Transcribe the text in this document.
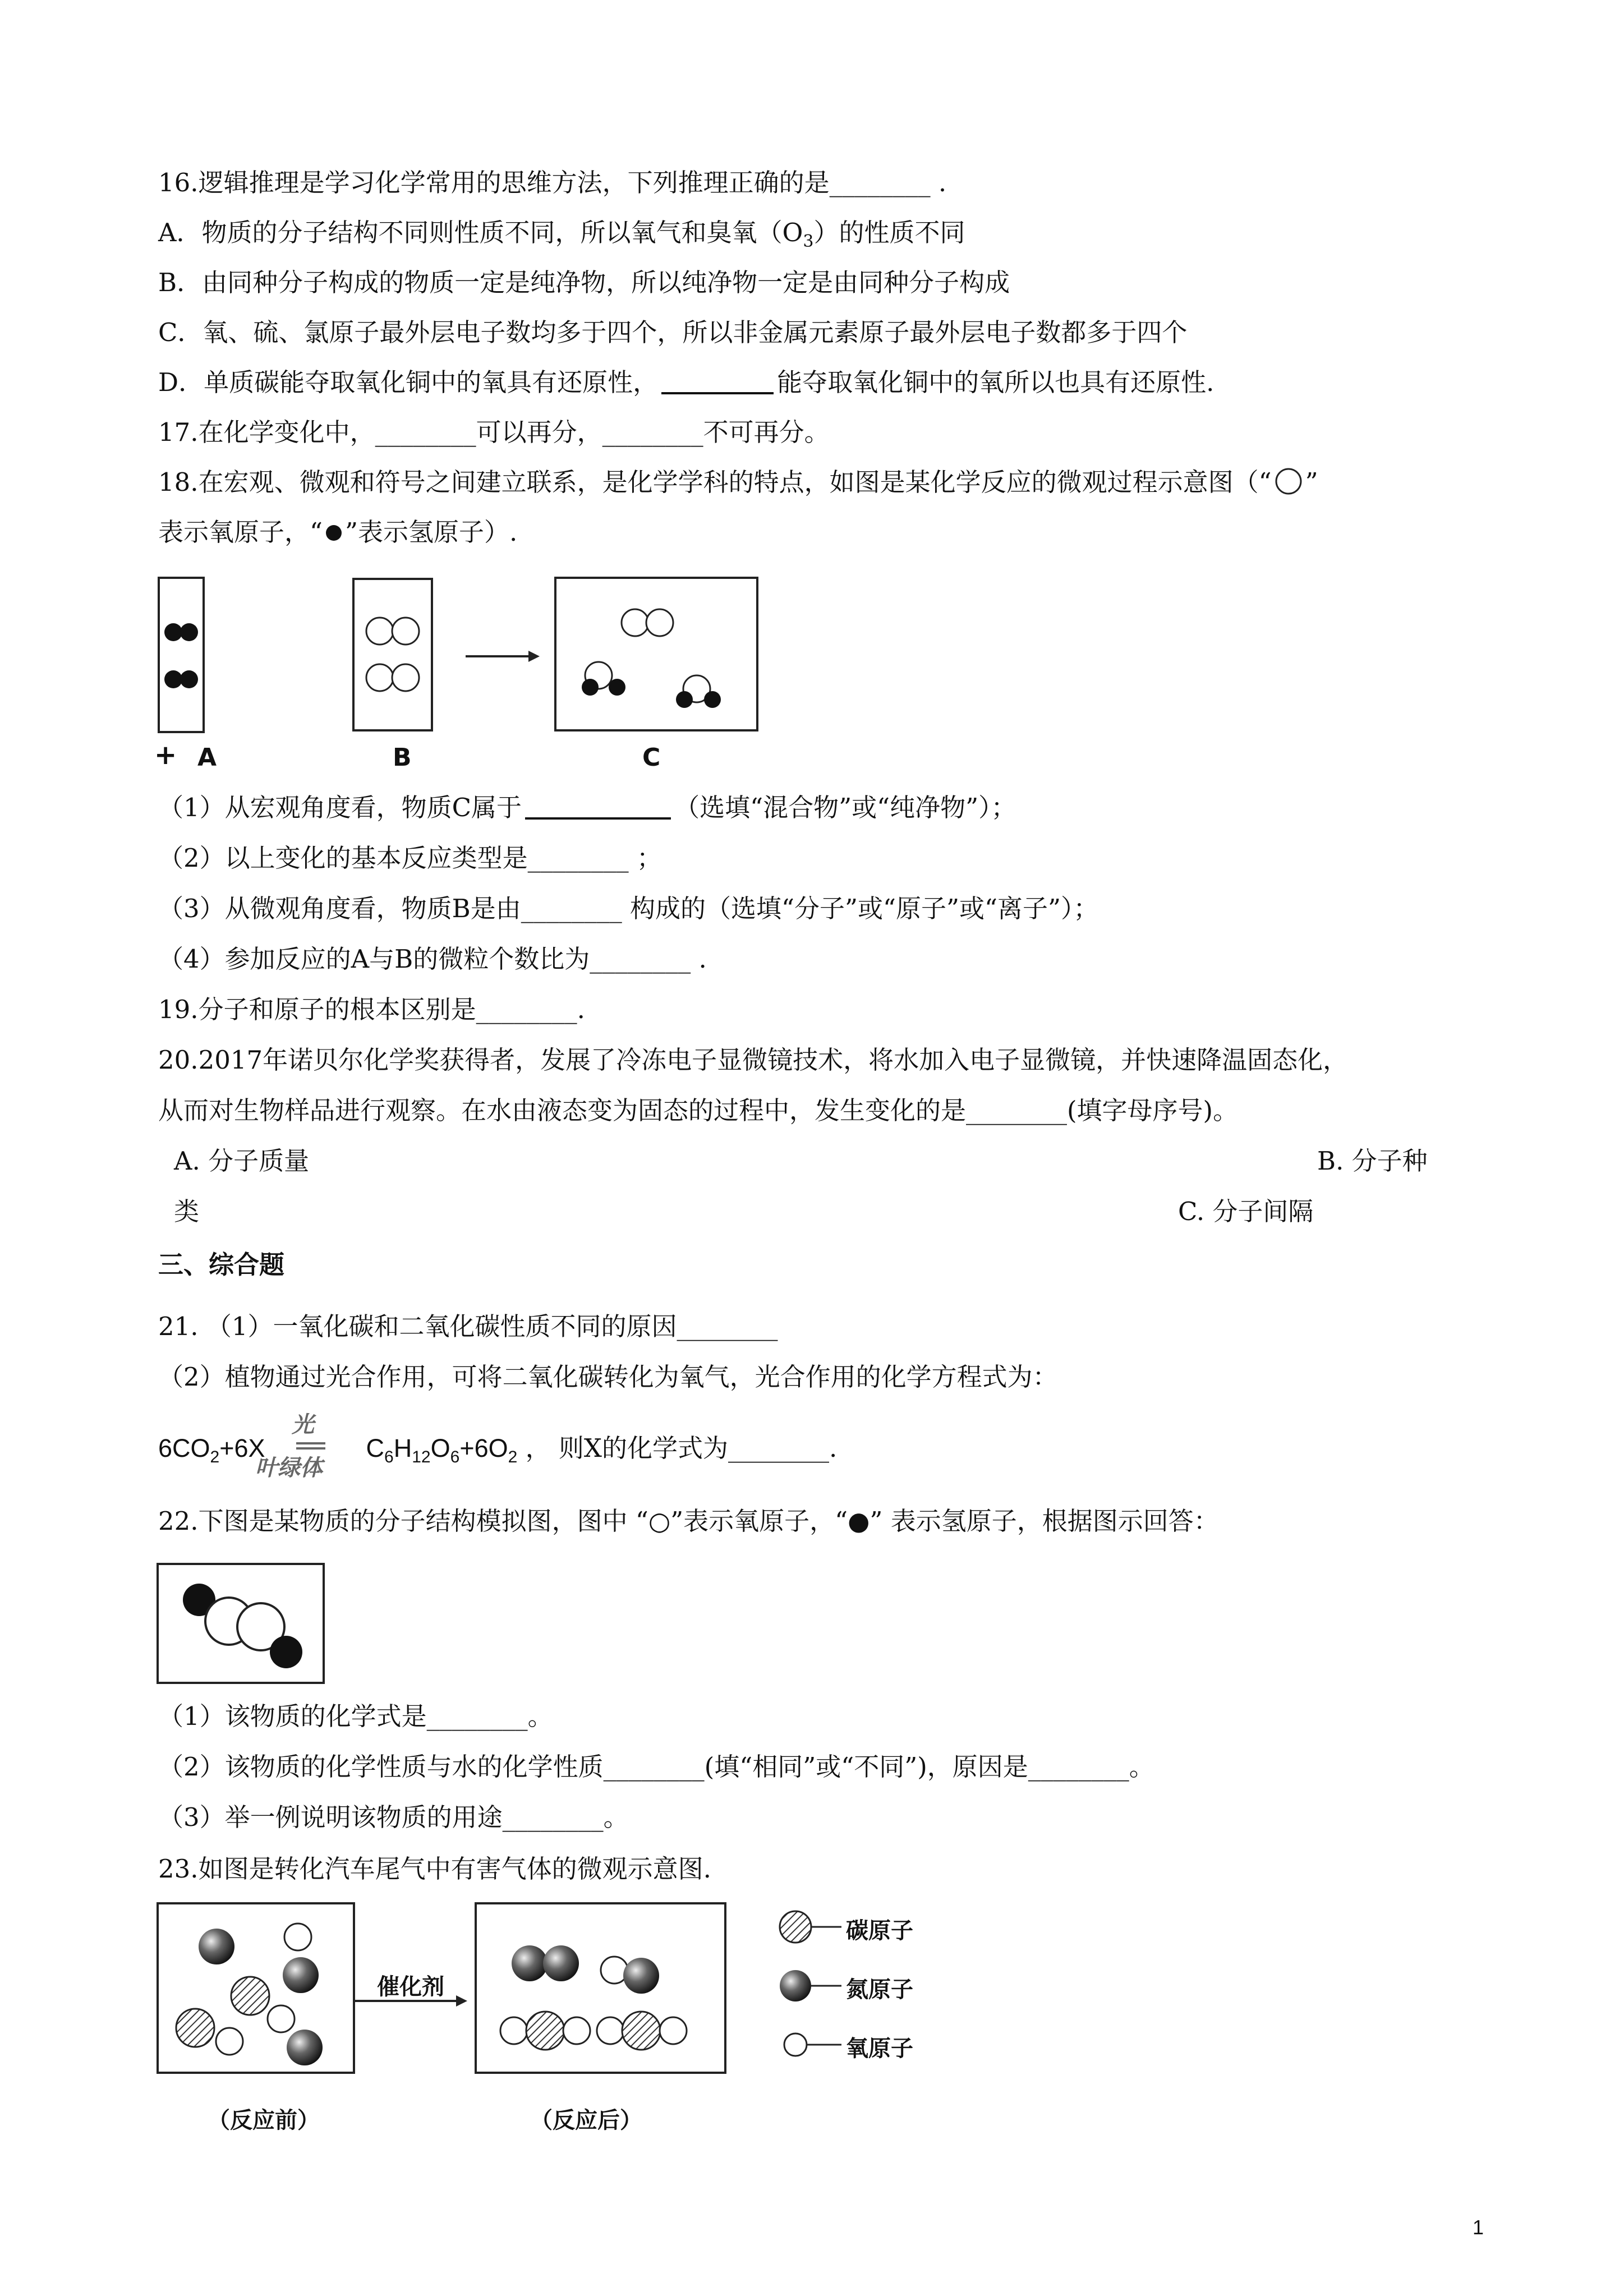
16.逻辑推理是学习化学常用的思维方法，下列推理正确的是________ .
A．物质的分子结构不同则性质不同，所以氧气和臭氧$(O_3)$的性质不同
B．由同种分子构成的物质一定是纯净物，所以纯净物一定是由同种分子构成
C．氧、硫、氯原子最外层电子数均多于四个，所以非金属元素原子最外层电子数都多于四个
D．单质碳能夺取氧化铜中的氧具有还原性，	能夺取氧化铜中的氧所以也具有还原性.
17.在化学变化中，________可以再分，________不可再分。
18.在宏观、微观和符号之间建立联系，是化学学科的特点，如图是某化学反应的微观过程示意图（“ ”
表示氧原子，“ ”表示氢原子）.
+ A	B	C
（1）从宏观角度看，物质C属于	（选填“混合物”或“纯净物”）；
（2）以上变化的基本反应类型是________ ；
（3）从微观角度看，物质B是由________ 构成的（选填“分子”或“原子”或“离子”）；
（4）参加反应的A与B的微粒个数比为________ .
19.分子和原子的根本区别是________.
20.2017年诺贝尔化学奖获得者，发展了冷冻电子显微镜技术，将水加入电子显微镜，并快速降温固态化，
从而对生物样品进行观察。在水由液态变为固态的过程中，发生变化的是________(填字母序号)。
A. 分子质量	B. 分子种
类	C. 分子间隔
三、综合题
21. （1）一氧化碳和二氧化碳性质不同的原因________
（2）植物通过光合作用，可将二氧化碳转化为氧气，光合作用的化学方程式为：
$6CO_2+6X$	$C_6H_{12}O_6+6O_2$ ， 则X的化学式为________.
光
叶绿体
22.下图是某物质的分子结构模拟图，图中 “○”表示氧原子，“●” 表示氢原子，根据图示回答：
（1）该物质的化学式是________。
（2）该物质的化学性质与水的化学性质________(填“相同”或“不同”)，原因是________。
（3）举一例说明该物质的用途________。
23.如图是转化汽车尾气中有害气体的微观示意图.
（反应前）	（反应后）
催化剂
碳原子
氮原子
氧原子
1
